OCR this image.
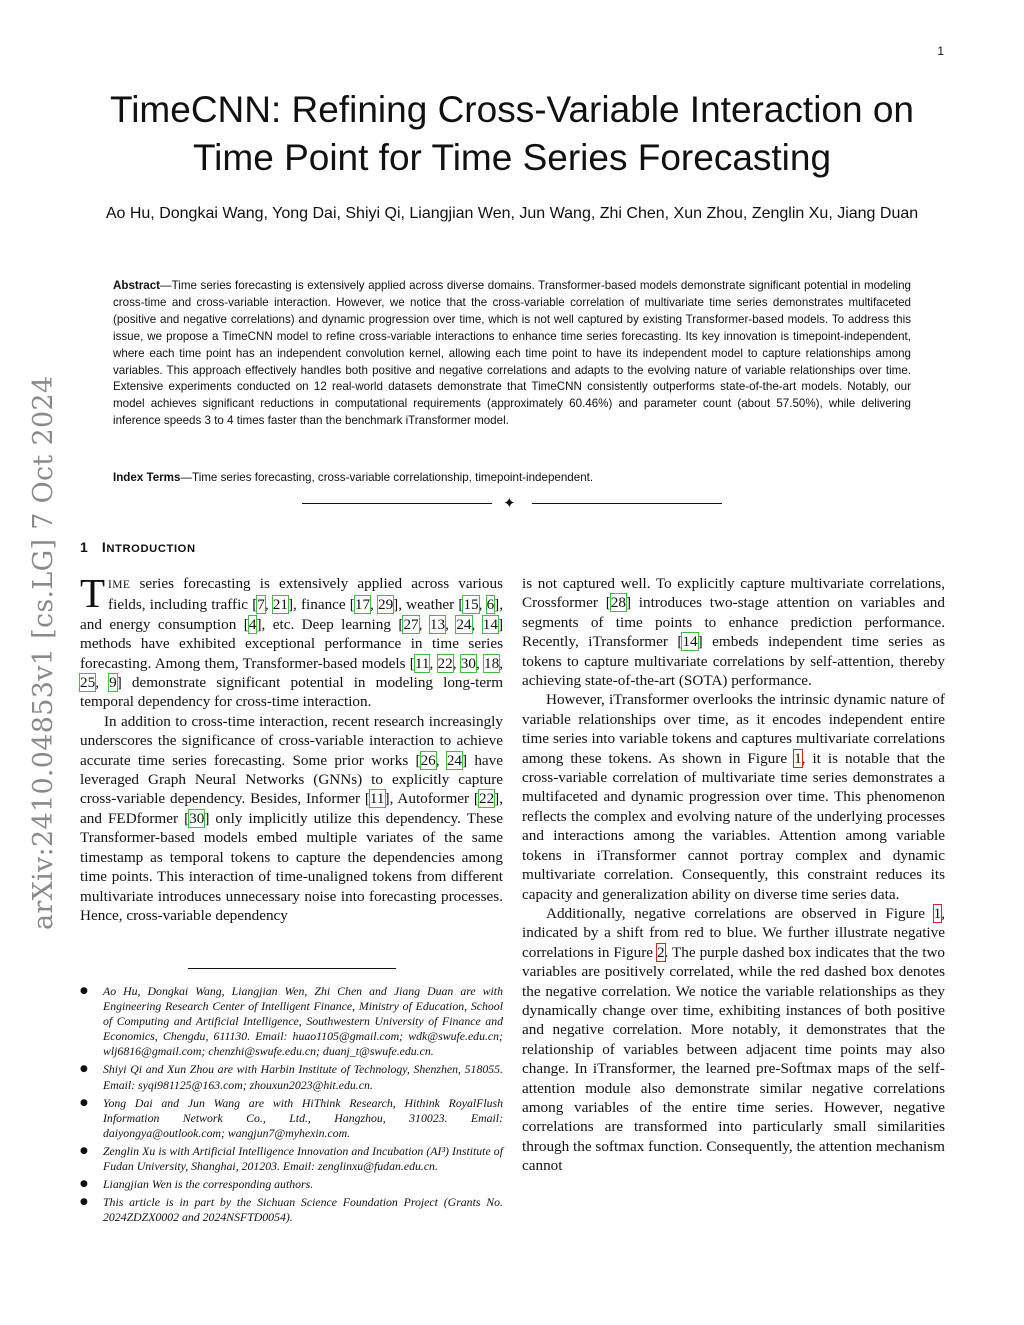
1
arXiv:2410.04853v1 [cs.LG] 7 Oct 2024
TimeCNN: Refining Cross-Variable Interaction on Time Point for Time Series Forecasting

Ao Hu, Dongkai Wang, Yong Dai, Shiyi Qi, Liangjian Wen, Jun Wang, Zhi Chen, Xun Zhou, Zenglin Xu, Jiang Duan

Abstract—Time series forecasting is extensively applied across diverse domains. Transformer-based models demonstrate significant potential in modeling cross-time and cross-variable interaction. However, we notice that the cross-variable correlation of multivariate time series demonstrates multifaceted (positive and negative correlations) and dynamic progression over time, which is not well captured by existing Transformer-based models. To address this issue, we propose a TimeCNN model to refine cross-variable interactions to enhance time series forecasting. Its key innovation is timepoint-independent, where each time point has an independent convolution kernel, allowing each time point to have its independent model to capture relationships among variables. This approach effectively handles both positive and negative correlations and adapts to the evolving nature of variable relationships over time. Extensive experiments conducted on 12 real-world datasets demonstrate that TimeCNN consistently outperforms state-of-the-art models. Notably, our model achieves significant reductions in computational requirements (approximately 60.46%) and parameter count (about 57.50%), while delivering inference speeds 3 to 4 times faster than the benchmark iTransformer model.

Index Terms—Time series forecasting, cross-variable correlationship, timepoint-independent.

✦
1 INTRODUCTION

TIME series forecasting is extensively applied across various fields, including traffic [7, 21], finance [17, 29], weather [15, 6], and energy consumption [4], etc. Deep learning [27, 13, 24, 14] methods have exhibited exceptional performance in time series forecasting. Among them, Transformer-based models [11, 22, 30, 18, 25, 9] demonstrate significant potential in modeling long-term temporal dependency for cross-time interaction.

In addition to cross-time interaction, recent research increasingly underscores the significance of cross-variable interaction to achieve accurate time series forecasting. Some prior works [26, 24] have leveraged Graph Neural Networks (GNNs) to explicitly capture cross-variable dependency. Besides, Informer [11], Autoformer [22], and FEDformer [30] only implicitly utilize this dependency. These Transformer-based models embed multiple variates of the same timestamp as temporal tokens to capture the dependencies among time points. This interaction of time-unaligned tokens from different multivariate introduces unnecessary noise into forecasting processes. Hence, cross-variable dependency

● Ao Hu, Dongkai Wang, Liangjian Wen, Zhi Chen and Jiang Duan are with Engineering Research Center of Intelligent Finance, Ministry of Education, School of Computing and Artificial Intelligence, Southwestern University of Finance and Economics, Chengdu, 611130. Email: huao1105@gmail.com; wdk@swufe.edu.cn; wlj6816@gmail.com; chenzhi@swufe.edu.cn; duanj_t@swufe.edu.cn.
● Shiyi Qi and Xun Zhou are with Harbin Institute of Technology, Shenzhen, 518055. Email: syqi981125@163.com; zhouxun2023@hit.edu.cn.
● Yong Dai and Jun Wang are with HiThink Research, Hithink RoyalFlush Information Network Co., Ltd., Hangzhou, 310023. Email: daiyongya@outlook.com; wangjun7@myhexin.com.
● Zenglin Xu is with Artificial Intelligence Innovation and Incubation (AI³) Institute of Fudan University, Shanghai, 201203. Email: zenglinxu@fudan.edu.cn.
● Liangjian Wen is the corresponding authors.
● This article is in part by the Sichuan Science Foundation Project (Grants No. 2024ZDZX0002 and 2024NSFTD0054).

is not captured well. To explicitly capture multivariate correlations, Crossformer [28] introduces two-stage attention on variables and segments of time points to enhance prediction performance. Recently, iTransformer [14] embeds independent time series as tokens to capture multivariate correlations by self-attention, thereby achieving state-of-the-art (SOTA) performance.

However, iTransformer overlooks the intrinsic dynamic nature of variable relationships over time, as it encodes independent entire time series into variable tokens and captures multivariate correlations among these tokens. As shown in Figure 1, it is notable that the cross-variable correlation of multivariate time series demonstrates a multifaceted and dynamic progression over time. This phenomenon reflects the complex and evolving nature of the underlying processes and interactions among the variables. Attention among variable tokens in iTransformer cannot portray complex and dynamic multivariate correlation. Consequently, this constraint reduces its capacity and generalization ability on diverse time series data.

Additionally, negative correlations are observed in Figure 1, indicated by a shift from red to blue. We further illustrate negative correlations in Figure 2. The purple dashed box indicates that the two variables are positively correlated, while the red dashed box denotes the negative correlation. We notice the variable relationships as they dynamically change over time, exhibiting instances of both positive and negative correlation. More notably, it demonstrates that the relationship of variables between adjacent time points may also change. In iTransformer, the learned pre-Softmax maps of the self-attention module also demonstrate similar negative correlations among variables of the entire time series. However, negative correlations are transformed into particularly small similarities through the softmax function. Consequently, the attention mechanism cannot
